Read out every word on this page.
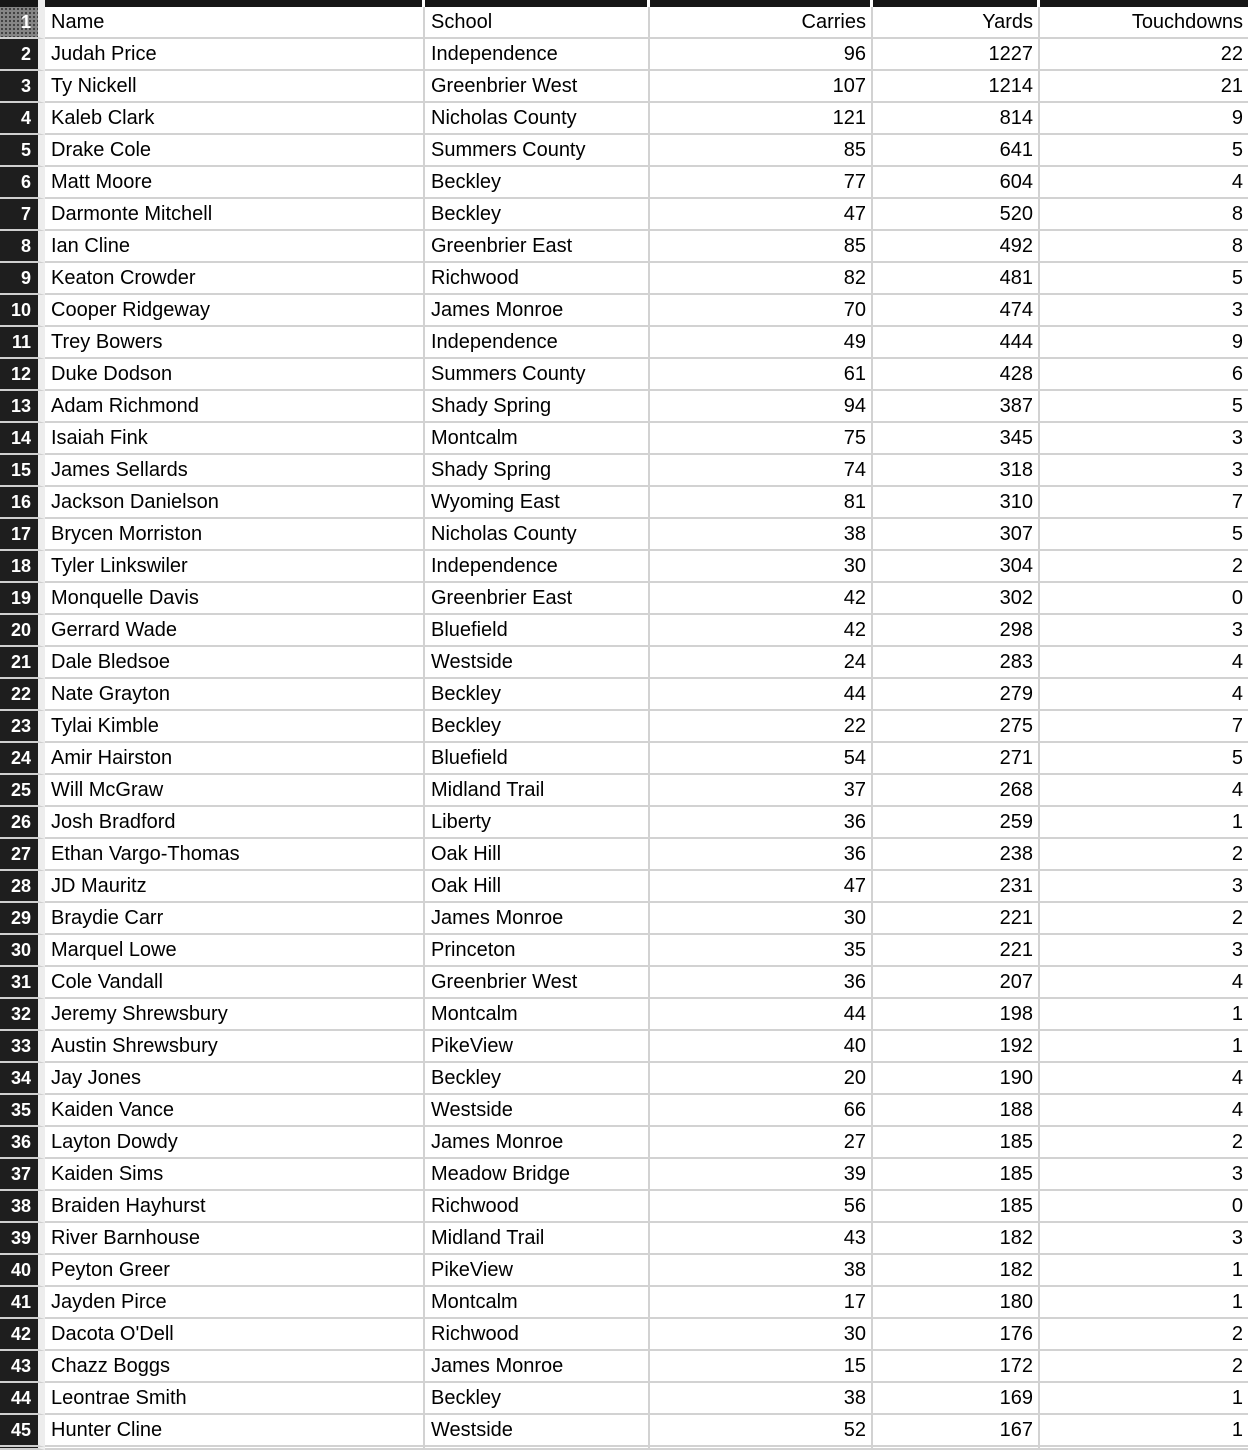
1	Name	School	Carries	Yards	Touchdowns
2	Judah Price	Independence	96	1227	22
3	Ty Nickell	Greenbrier West	107	1214	21
4	Kaleb Clark	Nicholas County	121	814	9
5	Drake Cole	Summers County	85	641	5
6	Matt Moore	Beckley	77	604	4
7	Darmonte Mitchell	Beckley	47	520	8
8	Ian Cline	Greenbrier East	85	492	8
9	Keaton Crowder	Richwood	82	481	5
10	Cooper Ridgeway	James Monroe	70	474	3
11	Trey Bowers	Independence	49	444	9
12	Duke Dodson	Summers County	61	428	6
13	Adam Richmond	Shady Spring	94	387	5
14	Isaiah Fink	Montcalm	75	345	3
15	James Sellards	Shady Spring	74	318	3
16	Jackson Danielson	Wyoming East	81	310	7
17	Brycen Morriston	Nicholas County	38	307	5
18	Tyler Linkswiler	Independence	30	304	2
19	Monquelle Davis	Greenbrier East	42	302	0
20	Gerrard Wade	Bluefield	42	298	3
21	Dale Bledsoe	Westside	24	283	4
22	Nate Grayton	Beckley	44	279	4
23	Tylai Kimble	Beckley	22	275	7
24	Amir Hairston	Bluefield	54	271	5
25	Will McGraw	Midland Trail	37	268	4
26	Josh Bradford	Liberty	36	259	1
27	Ethan Vargo-Thomas	Oak Hill	36	238	2
28	JD Mauritz	Oak Hill	47	231	3
29	Braydie Carr	James Monroe	30	221	2
30	Marquel Lowe	Princeton	35	221	3
31	Cole Vandall	Greenbrier West	36	207	4
32	Jeremy Shrewsbury	Montcalm	44	198	1
33	Austin Shrewsbury	PikeView	40	192	1
34	Jay Jones	Beckley	20	190	4
35	Kaiden Vance	Westside	66	188	4
36	Layton Dowdy	James Monroe	27	185	2
37	Kaiden Sims	Meadow Bridge	39	185	3
38	Braiden Hayhurst	Richwood	56	185	0
39	River Barnhouse	Midland Trail	43	182	3
40	Peyton Greer	PikeView	38	182	1
41	Jayden Pirce	Montcalm	17	180	1
42	Dacota O'Dell	Richwood	30	176	2
43	Chazz Boggs	James Monroe	15	172	2
44	Leontrae Smith	Beckley	38	169	1
45	Hunter Cline	Westside	52	167	1
